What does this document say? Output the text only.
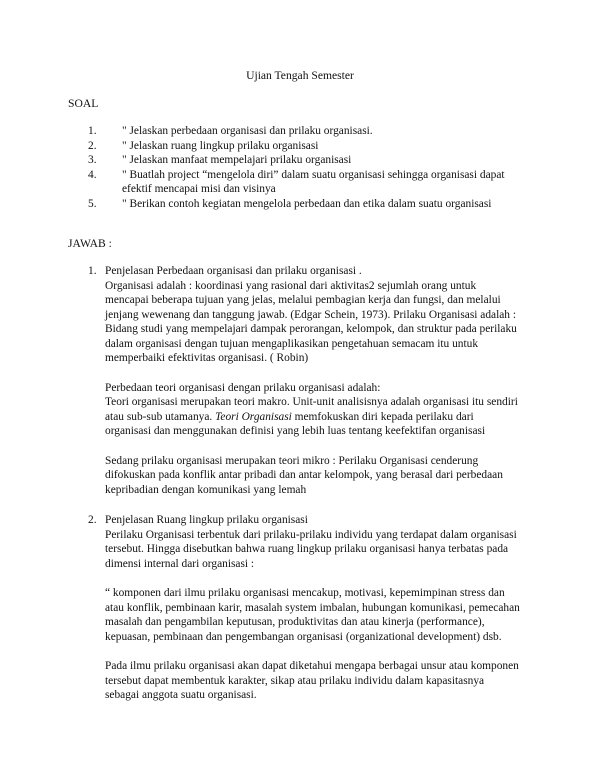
Ujian Tengah Semester
SOAL
1. " Jelaskan perbedaan organisasi dan prilaku organisasi.
2. " Jelaskan ruang lingkup prilaku organisasi
3. " Jelaskan manfaat mempelajari prilaku organisasi
4. " Buatlah project “mengelola diri” dalam suatu organisasi sehingga organisasi dapat efektif mencapai misi dan visinya
5. " Berikan contoh kegiatan mengelola perbedaan dan etika dalam suatu organisasi
JAWAB :
1. Penjelasan Perbedaan organisasi dan prilaku organisasi .

Organisasi adalah : koordinasi yang rasional dari aktivitas2 sejumlah orang untuk mencapai beberapa tujuan yang jelas, melalui pembagian kerja dan fungsi, dan melalui jenjang wewenang dan tanggung jawab. (Edgar Schein, 1973). Prilaku Organisasi adalah : Bidang studi yang mempelajari dampak perorangan, kelompok, dan struktur pada perilaku dalam organisasi dengan tujuan mengaplikasikan pengetahuan semacam itu untuk memperbaiki efektivitas organisasi. ( Robin)

Perbedaan teori organisasi dengan prilaku organisasi adalah:

Teori organisasi merupakan teori makro. Unit-unit analisisnya adalah organisasi itu sendiri atau sub-sub utamanya. Teori Organisasi memfokuskan diri kepada perilaku dari organisasi dan menggunakan definisi yang lebih luas tentang keefektifan organisasi

Sedang prilaku organisasi merupakan teori mikro : Perilaku Organisasi cenderung difokuskan pada konflik antar pribadi dan antar kelompok, yang berasal dari perbedaan kepribadian dengan komunikasi yang lemah

2. Penjelasan Ruang lingkup prilaku organisasi

Perilaku Organisasi terbentuk dari prilaku-prilaku individu yang terdapat dalam organisasi tersebut. Hingga disebutkan bahwa ruang lingkup prilaku organisasi hanya terbatas pada dimensi internal dari organisasi :

“ komponen dari ilmu prilaku organisasi mencakup, motivasi, kepemimpinan stress dan atau konflik, pembinaan karir, masalah system imbalan, hubungan komunikasi, pemecahan masalah dan pengambilan keputusan, produktivitas dan atau kinerja (performance), kepuasan, pembinaan dan pengembangan organisasi (organizational development) dsb.

Pada ilmu prilaku organisasi akan dapat diketahui mengapa berbagai unsur atau komponen tersebut dapat membentuk karakter, sikap atau prilaku individu dalam kapasitasnya sebagai anggota suatu organisasi.
